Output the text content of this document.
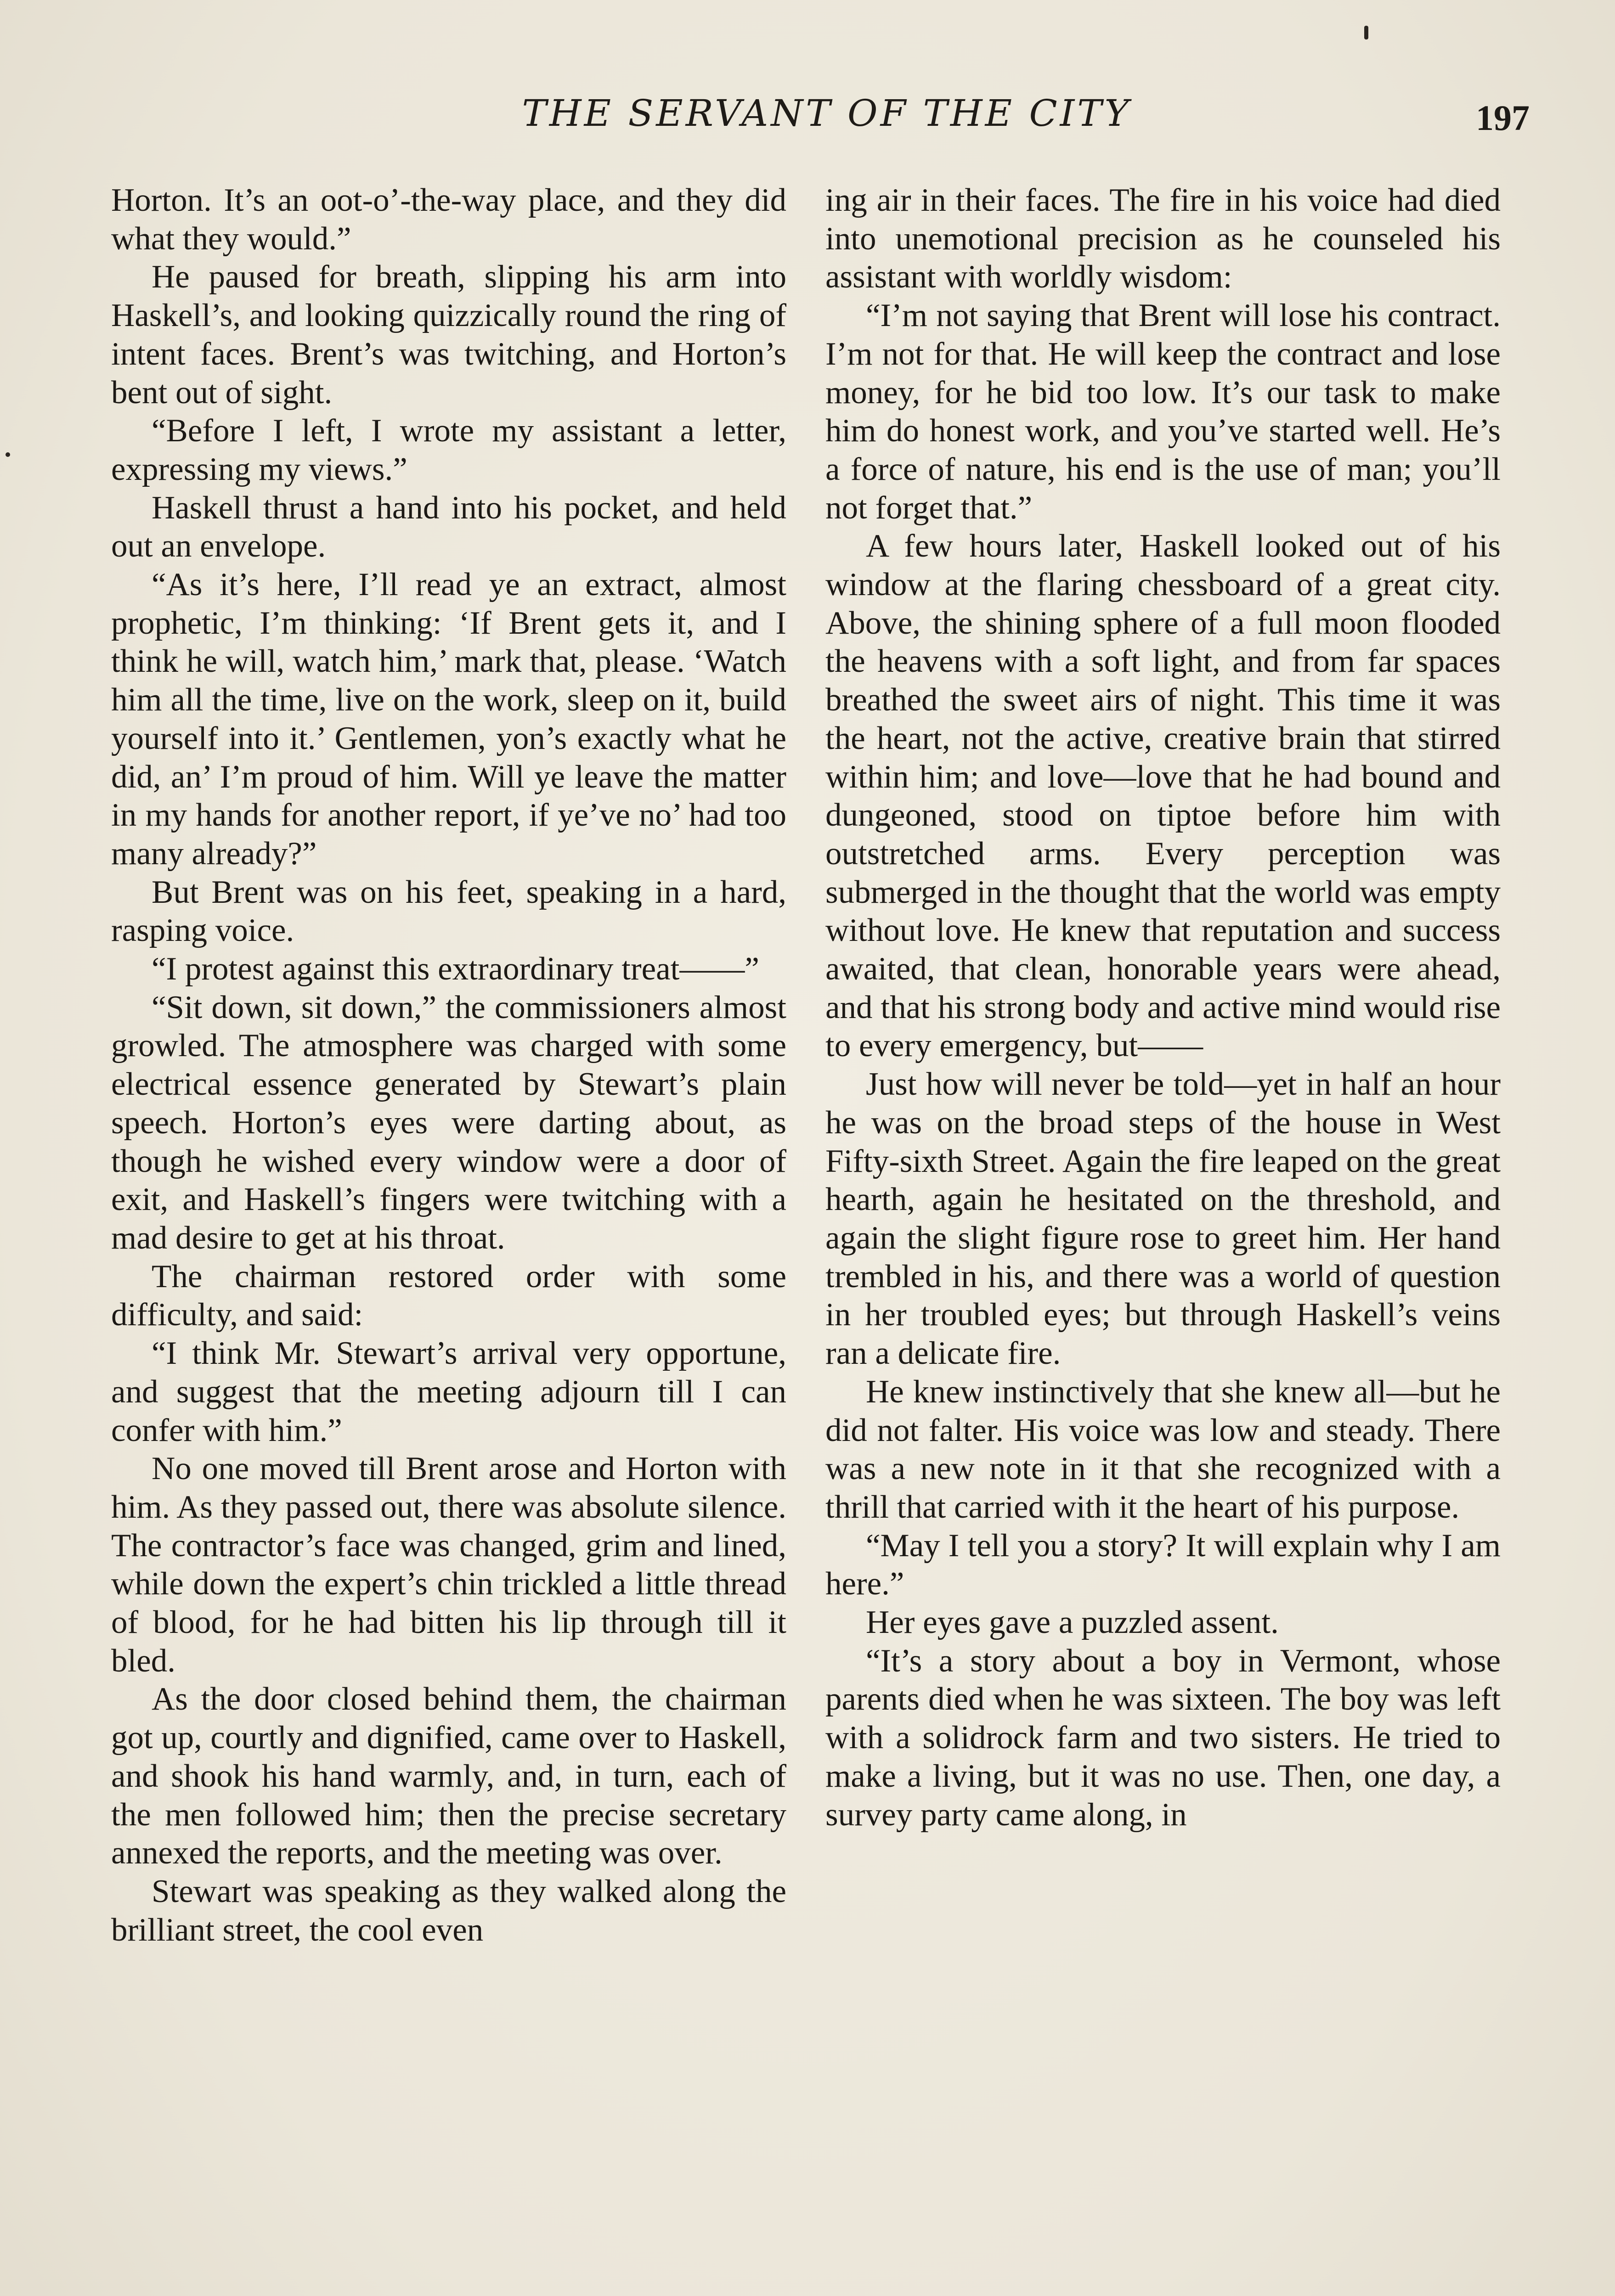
THE SERVANT OF THE CITY	197

Horton. It’s an oot-o’-the-way place, and they did what they would.”

He paused for breath, slipping his arm into Haskell’s, and looking quizzically round the ring of intent faces. Brent’s was twitching, and Horton’s bent out of sight.

“Before I left, I wrote my assistant a letter, expressing my views.”

Haskell thrust a hand into his pocket, and held out an envelope.

“As it’s here, I’ll read ye an extract, almost prophetic, I’m thinking: ‘If Brent gets it, and I think he will, watch him,’ mark that, please. ‘Watch him all the time, live on the work, sleep on it, build yourself into it.’ Gentlemen, yon’s exactly what he did, an’ I’m proud of him. Will ye leave the matter in my hands for another report, if ye’ve no’ had too many already?”

But Brent was on his feet, speaking in a hard, rasping voice.

“I protest against this extraordinary treat——”

“Sit down, sit down,” the commissioners almost growled. The atmosphere was charged with some electrical essence generated by Stewart’s plain speech. Horton’s eyes were darting about, as though he wished every window were a door of exit, and Haskell’s fingers were twitching with a mad desire to get at his throat.

The chairman restored order with some difficulty, and said:

“I think Mr. Stewart’s arrival very opportune, and suggest that the meeting adjourn till I can confer with him.”

No one moved till Brent arose and Horton with him. As they passed out, there was absolute silence. The contractor’s face was changed, grim and lined, while down the expert’s chin trickled a little thread of blood, for he had bitten his lip through till it bled.

As the door closed behind them, the chairman got up, courtly and dignified, came over to Haskell, and shook his hand warmly, and, in turn, each of the men followed him; then the precise secretary annexed the reports, and the meeting was over.

Stewart was speaking as they walked along the brilliant street, the cool even

ing air in their faces. The fire in his voice had died into unemotional precision as he counseled his assistant with worldly wisdom:

“I’m not saying that Brent will lose his contract. I’m not for that. He will keep the contract and lose money, for he bid too low. It’s our task to make him do honest work, and you’ve started well. He’s a force of nature, his end is the use of man; you’ll not forget that.”

A few hours later, Haskell looked out of his window at the flaring chessboard of a great city. Above, the shining sphere of a full moon flooded the heavens with a soft light, and from far spaces breathed the sweet airs of night. This time it was the heart, not the active, creative brain that stirred within him; and love—love that he had bound and dungeoned, stood on tiptoe before him with outstretched arms. Every perception was submerged in the thought that the world was empty without love. He knew that reputation and success awaited, that clean, honorable years were ahead, and that his strong body and active mind would rise to every emergency, but——

Just how will never be told—yet in half an hour he was on the broad steps of the house in West Fifty-sixth Street. Again the fire leaped on the great hearth, again he hesitated on the threshold, and again the slight figure rose to greet him. Her hand trembled in his, and there was a world of question in her troubled eyes; but through Haskell’s veins ran a delicate fire.

He knew instinctively that she knew all—but he did not falter. His voice was low and steady. There was a new note in it that she recognized with a thrill that carried with it the heart of his purpose.

“May I tell you a story? It will explain why I am here.”

Her eyes gave a puzzled assent.

“It’s a story about a boy in Vermont, whose parents died when he was sixteen. The boy was left with a solidrock farm and two sisters. He tried to make a living, but it was no use. Then, one day, a survey party came along, in
